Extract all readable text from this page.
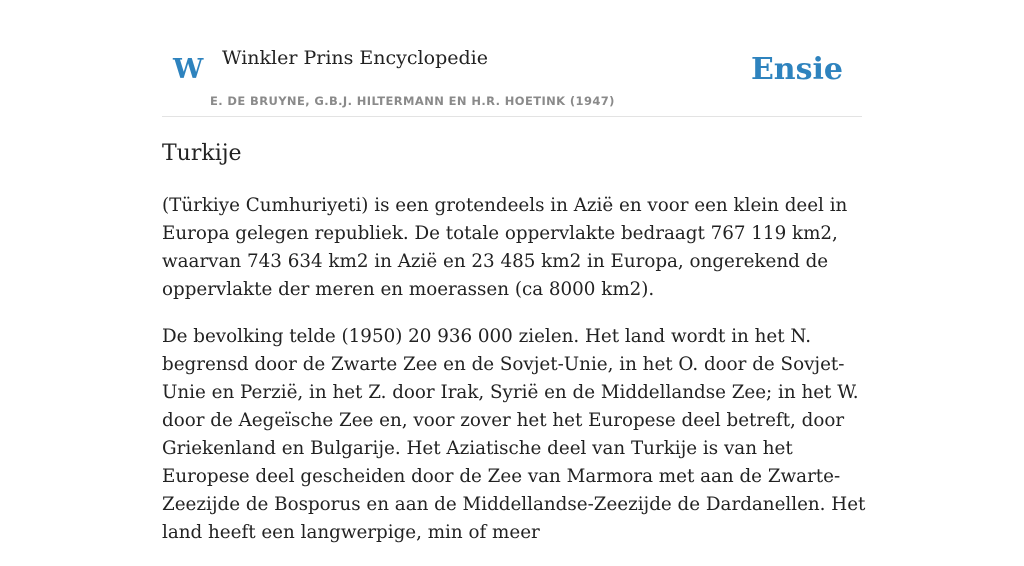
W Winkler Prins Encyclopedie
E. DE BRUYNE, G.B.J. HILTERMANN EN H.R. HOETINK (1947)
Ensie
Turkije

(Türkiye Cumhuriyeti) is een grotendeels in Azië en voor een klein deel in Europa gelegen republiek. De totale oppervlakte bedraagt 767 119 km2, waarvan 743 634 km2 in Azië en 23 485 km2 in Europa, ongerekend de oppervlakte der meren en moerassen (ca 8000 km2).

De bevolking telde (1950) 20 936 000 zielen. Het land wordt in het N. begrensd door de Zwarte Zee en de Sovjet-Unie, in het O. door de Sovjet-Unie en Perzië, in het Z. door Irak, Syrië en de Middellandse Zee; in het W. door de Aegeïsche Zee en, voor zover het het Europese deel betreft, door Griekenland en Bulgarije. Het Aziatische deel van Turkije is van het Europese deel gescheiden door de Zee van Marmora met aan de Zwarte-Zeezijde de Bosporus en aan de Middellandse-Zeezijde de Dardanellen. Het land heeft een langwerpige, min of meer
